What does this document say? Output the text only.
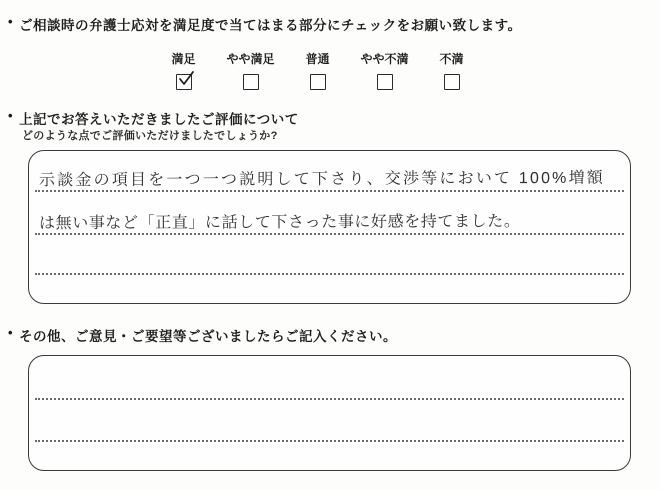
• ご相談時の弁護士応対を満足度で当てはまる部分にチェックをお願い致します。
満足	やや満足	普通	やや不満	不満
• 上記でお答えいただきましたご評価について
どのような点でご評価いただけましたでしょうか?
示談金の項目を一つ一つ説明して下さり、交渉等において 100%増額
は無い事など「正直」に話して下さった事に好感を持てました。
• その他、ご意見・ご要望等ございましたらご記入ください。
